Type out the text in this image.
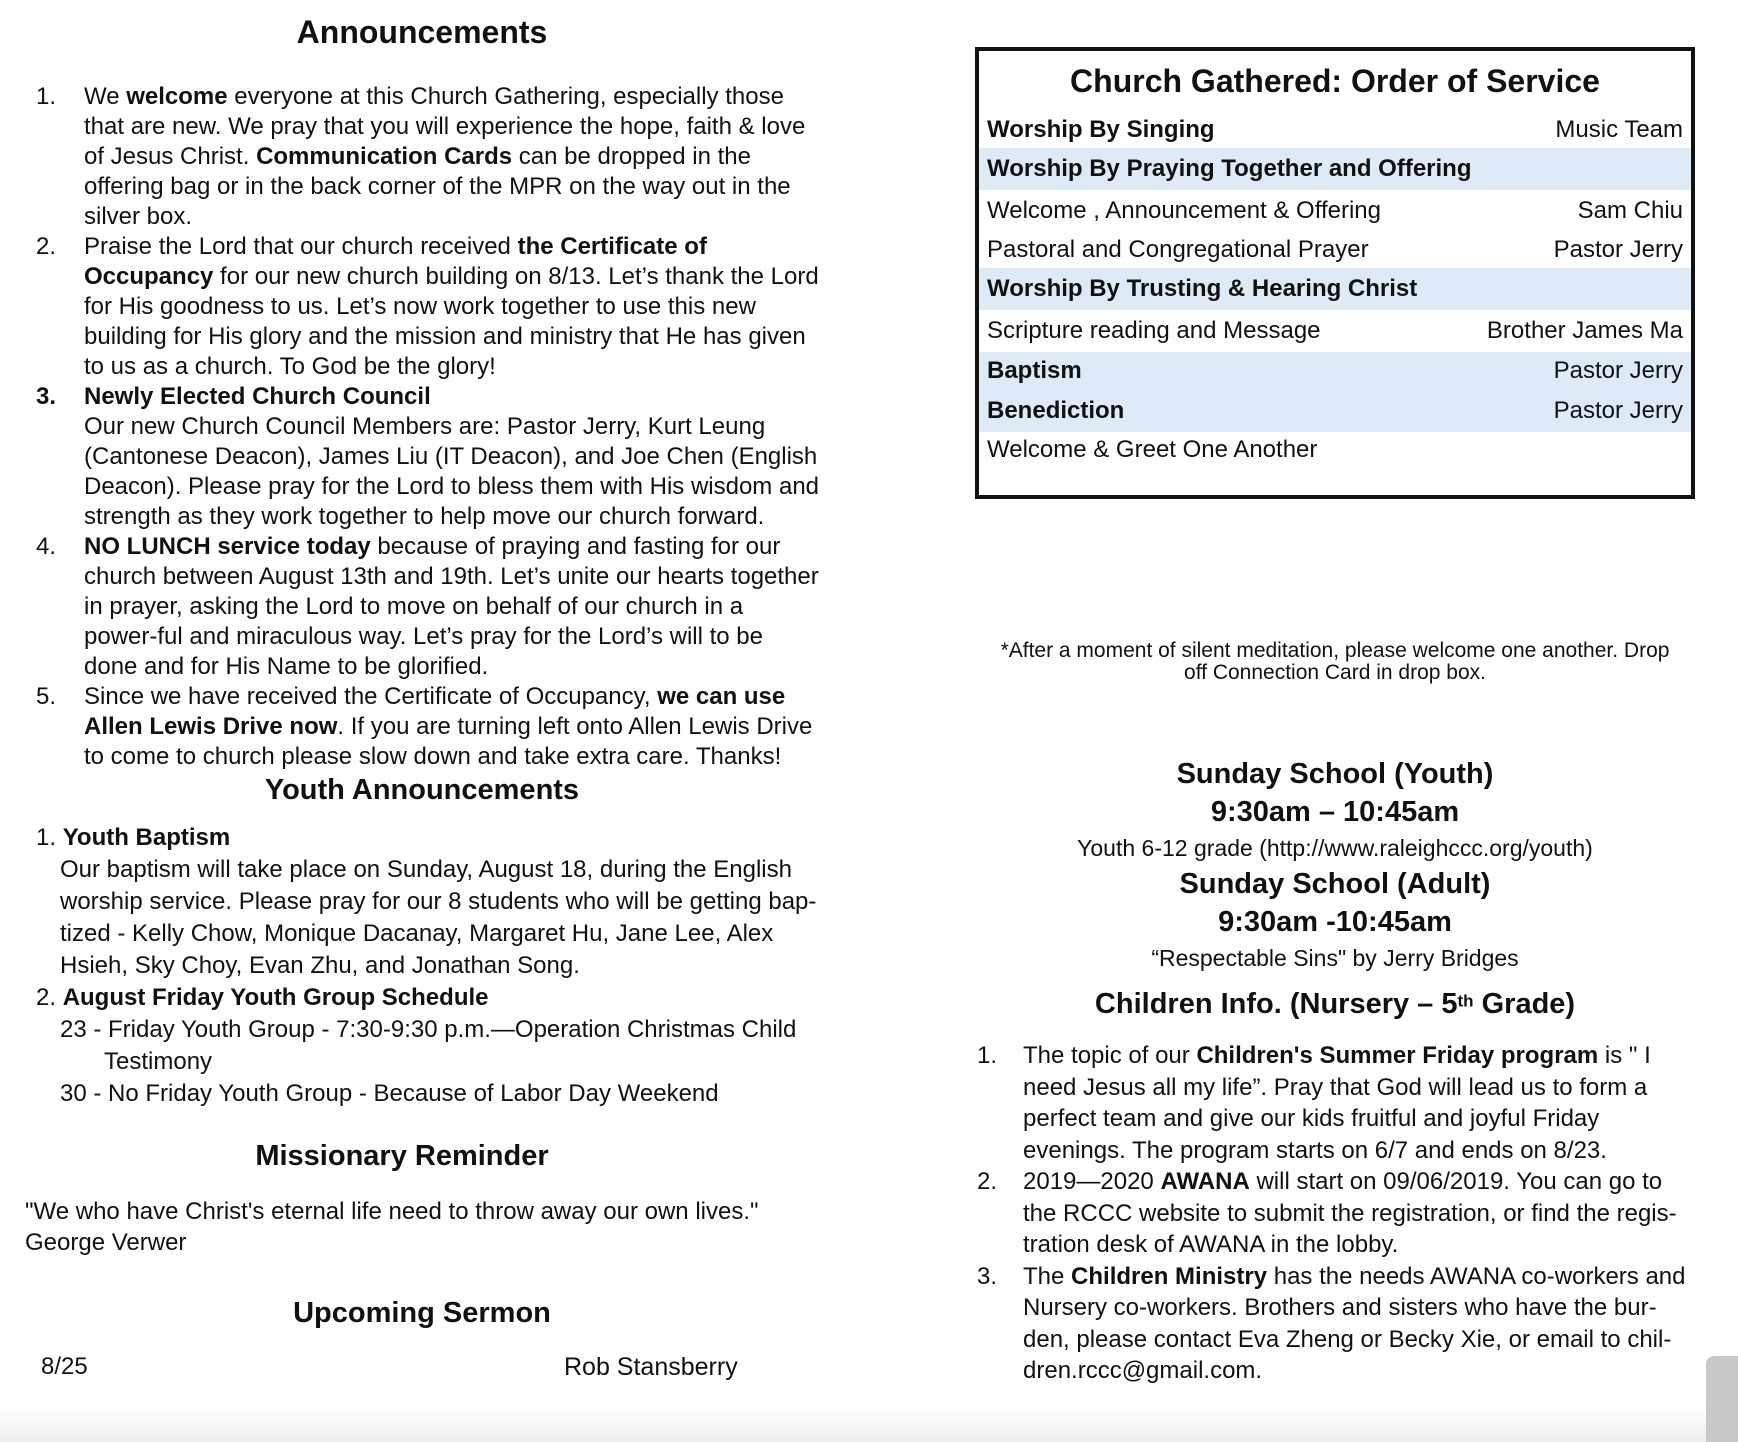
Announcements
1.	We welcome everyone at this Church Gathering, especially those that are new. We pray that you will experience the hope, faith & love of Jesus Christ. Communication Cards can be dropped in the offering bag or in the back corner of the MPR on the way out in the silver box.
2.	Praise the Lord that our church received the Certificate of Occupancy for our new church building on 8/13. Let’s thank the Lord for His goodness to us. Let’s now work together to use this new building for His glory and the mission and ministry that He has given to us as a church. To God be the glory!
3.	Newly Elected Church Council
Our new Church Council Members are: Pastor Jerry, Kurt Leung (Cantonese Deacon), James Liu (IT Deacon), and Joe Chen (English Deacon). Please pray for the Lord to bless them with His wisdom and strength as they work together to help move our church forward.
4.	NO LUNCH service today because of praying and fasting for our church between August 13th and 19th. Let’s unite our hearts together in prayer, asking the Lord to move on behalf of our church in a power-ful and miraculous way. Let’s pray for the Lord’s will to be done and for His Name to be glorified.
5.	Since we have received the Certificate of Occupancy, we can use Allen Lewis Drive now. If you are turning left onto Allen Lewis Drive to come to church please slow down and take extra care. Thanks!
Youth Announcements
1. Youth Baptism
Our baptism will take place on Sunday, August 18, during the English worship service. Please pray for our 8 students who will be getting bap-tized - Kelly Chow, Monique Dacanay, Margaret Hu, Jane Lee, Alex Hsieh, Sky Choy, Evan Zhu, and Jonathan Song.
2. August Friday Youth Group Schedule
23 - Friday Youth Group - 7:30-9:30 p.m.—Operation Christmas Child
Testimony
30 - No Friday Youth Group - Because of Labor Day Weekend
Missionary Reminder
"We who have Christ's eternal life need to throw away our own lives."
George Verwer
Upcoming Sermon
8/25	Rob Stansberry
Church Gathered: Order of Service
Worship By Singing	Music Team
Worship By Praying Together and Offering
Welcome , Announcement & Offering	Sam Chiu
Pastoral and Congregational Prayer	Pastor Jerry
Worship By Trusting & Hearing Christ
Scripture reading and Message	Brother James Ma
Baptism	Pastor Jerry
Benediction	Pastor Jerry
Welcome & Greet One Another
*After a moment of silent meditation, please welcome one another. Drop
off Connection Card in drop box.
Sunday School (Youth)
9:30am – 10:45am
Youth 6-12 grade (http://www.raleighccc.org/youth)
Sunday School (Adult)
9:30am -10:45am
“Respectable Sins" by Jerry Bridges
Children Info. (Nursery – 5th Grade)
1. The topic of our Children's Summer Friday program is " I need Jesus all my life”. Pray that God will lead us to form a perfect team and give our kids fruitful and joyful Friday evenings. The program starts on 6/7 and ends on 8/23.
2. 2019—2020 AWANA will start on 09/06/2019. You can go to the RCCC website to submit the registration, or find the regis-tration desk of AWANA in the lobby.
3. The Children Ministry has the needs AWANA co-workers and Nursery co-workers. Brothers and sisters who have the bur-den, please contact Eva Zheng or Becky Xie, or email to chil-dren.rccc@gmail.com.
